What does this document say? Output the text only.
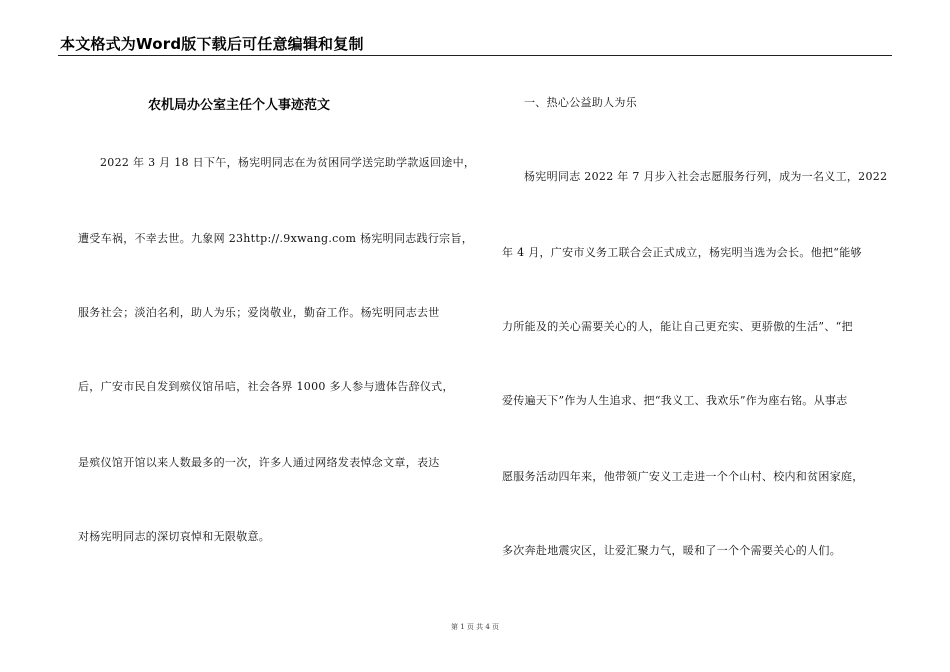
本文格式为Word版下载后可任意编辑和复制
农机局办公室主任个人事迹范文
2022 年 3 月 18 日下午，杨宪明同志在为贫困同学送完助学款返回途中，
遭受车祸，不幸去世。九象网 23http://.9xwang.com 杨宪明同志践行宗旨，
服务社会；淡泊名利，助人为乐；爱岗敬业，勤奋工作。杨宪明同志去世
后，广安市民自发到殡仪馆吊唁，社会各界 1000 多人参与遗体告辞仪式，
是殡仪馆开馆以来人数最多的一次，许多人通过网络发表悼念文章，表达
对杨宪明同志的深切哀悼和无限敬意。
一、热心公益助人为乐
杨宪明同志 2022 年 7 月步入社会志愿服务行列，成为一名义工，2022
年 4 月，广安市义务工联合会正式成立，杨宪明当选为会长。他把“能够
力所能及的关心需要关心的人，能让自己更充实、更骄傲的生活”、“把
爱传遍天下”作为人生追求、把“我义工、我欢乐”作为座右铭。从事志
愿服务活动四年来，他带领广安义工走进一个个山村、校内和贫困家庭，
多次奔赴地震灾区，让爱汇聚力气，暖和了一个个需要关心的人们。
第 1 页 共 4 页
